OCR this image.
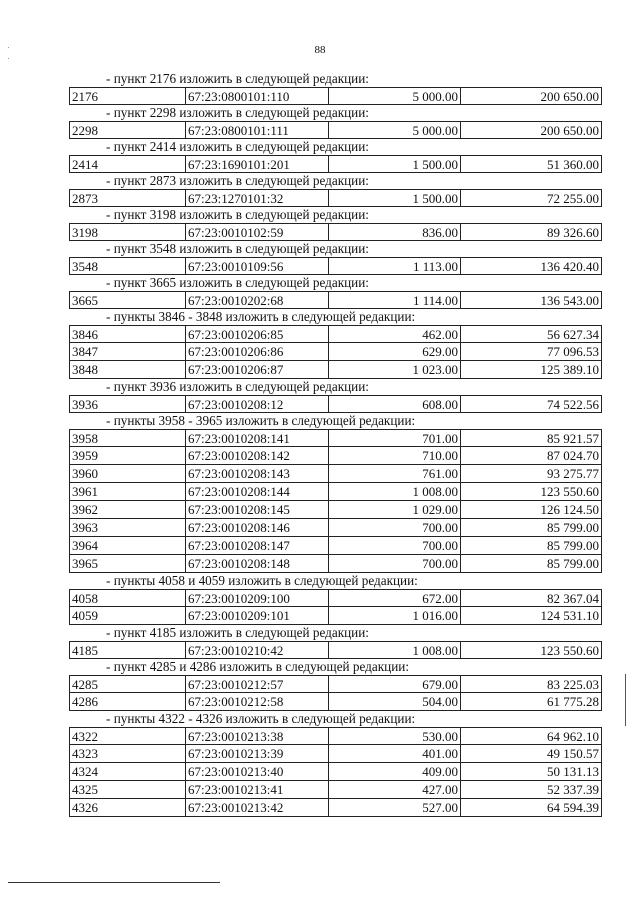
88
- пункт 2176 изложить в следующей редакции:
2176	67:23:0800101:110	5 000.00	200 650.00
- пункт 2298 изложить в следующей редакции:
2298	67:23:0800101:111	5 000.00	200 650.00
- пункт 2414 изложить в следующей редакции:
2414	67:23:1690101:201	1 500.00	51 360.00
- пункт 2873 изложить в следующей редакции:
2873	67:23:1270101:32	1 500.00	72 255.00
- пункт 3198 изложить в следующей редакции:
3198	67:23:0010102:59	836.00	89 326.60
- пункт 3548 изложить в следующей редакции:
3548	67:23:0010109:56	1 113.00	136 420.40
- пункт 3665 изложить в следующей редакции:
3665	67:23:0010202:68	1 114.00	136 543.00
- пункты 3846 - 3848 изложить в следующей редакции:
3846	67:23:0010206:85	462.00	56 627.34
3847	67:23:0010206:86	629.00	77 096.53
3848	67:23:0010206:87	1 023.00	125 389.10
- пункт 3936 изложить в следующей редакции:
3936	67:23:0010208:12	608.00	74 522.56
- пункты 3958 - 3965 изложить в следующей редакции:
3958	67:23:0010208:141	701.00	85 921.57
3959	67:23:0010208:142	710.00	87 024.70
3960	67:23:0010208:143	761.00	93 275.77
3961	67:23:0010208:144	1 008.00	123 550.60
3962	67:23:0010208:145	1 029.00	126 124.50
3963	67:23:0010208:146	700.00	85 799.00
3964	67:23:0010208:147	700.00	85 799.00
3965	67:23:0010208:148	700.00	85 799.00
- пункты 4058 и 4059 изложить в следующей редакции:
4058	67:23:0010209:100	672.00	82 367.04
4059	67:23:0010209:101	1 016.00	124 531.10
- пункт 4185 изложить в следующей редакции:
4185	67:23:0010210:42	1 008.00	123 550.60
- пункт 4285 и 4286 изложить в следующей редакции:
4285	67:23:0010212:57	679.00	83 225.03
4286	67:23:0010212:58	504.00	61 775.28
- пункты 4322 - 4326 изложить в следующей редакции:
4322	67:23:0010213:38	530.00	64 962.10
4323	67:23:0010213:39	401.00	49 150.57
4324	67:23:0010213:40	409.00	50 131.13
4325	67:23:0010213:41	427.00	52 337.39
4326	67:23:0010213:42	527.00	64 594.39
